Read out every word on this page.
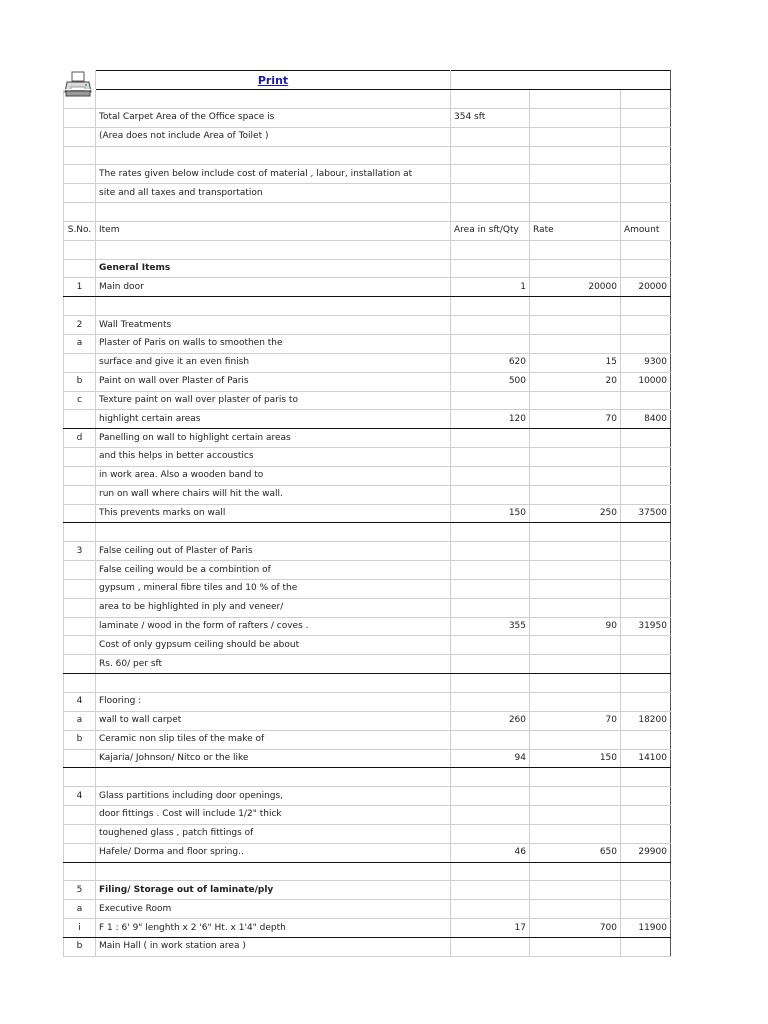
	Print			

	Total Carpet Area of the Office space is	354 sft		
	(Area does not include Area of Toilet )			

	The rates given below include cost of material , labour, installation at			
	site and all taxes and transportation			

S.No.	Item	Area in sft/Qty	Rate	Amount

	General Items			
1	Main door	1	20000	20000

2	Wall Treatments			
a	Plaster of Paris on walls to smoothen the			
	surface and give it an even finish	620	15	9300
b	Paint on wall over Plaster of Paris	500	20	10000
c	Texture paint on wall over plaster of paris to			
	highlight certain areas	120	70	8400
d	Panelling on wall to highlight certain areas			
	and this helps in better accoustics			
	in work area. Also a wooden band to			
	run on wall where chairs will hit the wall.			
	This prevents marks on wall	150	250	37500

3	False ceiling out of Plaster of Paris			
	False ceiling would be a combintion of			
	gypsum , mineral fibre tiles and 10 % of the			
	area to be highlighted in ply and veneer/			
	laminate / wood in the form of rafters / coves .	355	90	31950
	Cost of only gypsum ceiling should be about			
	Rs. 60/ per sft			

4	Flooring :			
a	wall to wall carpet	260	70	18200
b	Ceramic non slip tiles of the make of			
	Kajaria/ Johnson/ Nitco or the like	94	150	14100

4	Glass partitions including door openings,			
	door fittings . Cost will include 1/2" thick			
	toughened glass , patch fittings of			
	Hafele/ Dorma and floor spring..	46	650	29900

5	Filing/ Storage out of laminate/ply			
a	Executive Room			
i	F 1 : 6' 9" lenghth x 2 '6" Ht. x 1'4" depth	17	700	11900
b	Main Hall ( in work station area )			
